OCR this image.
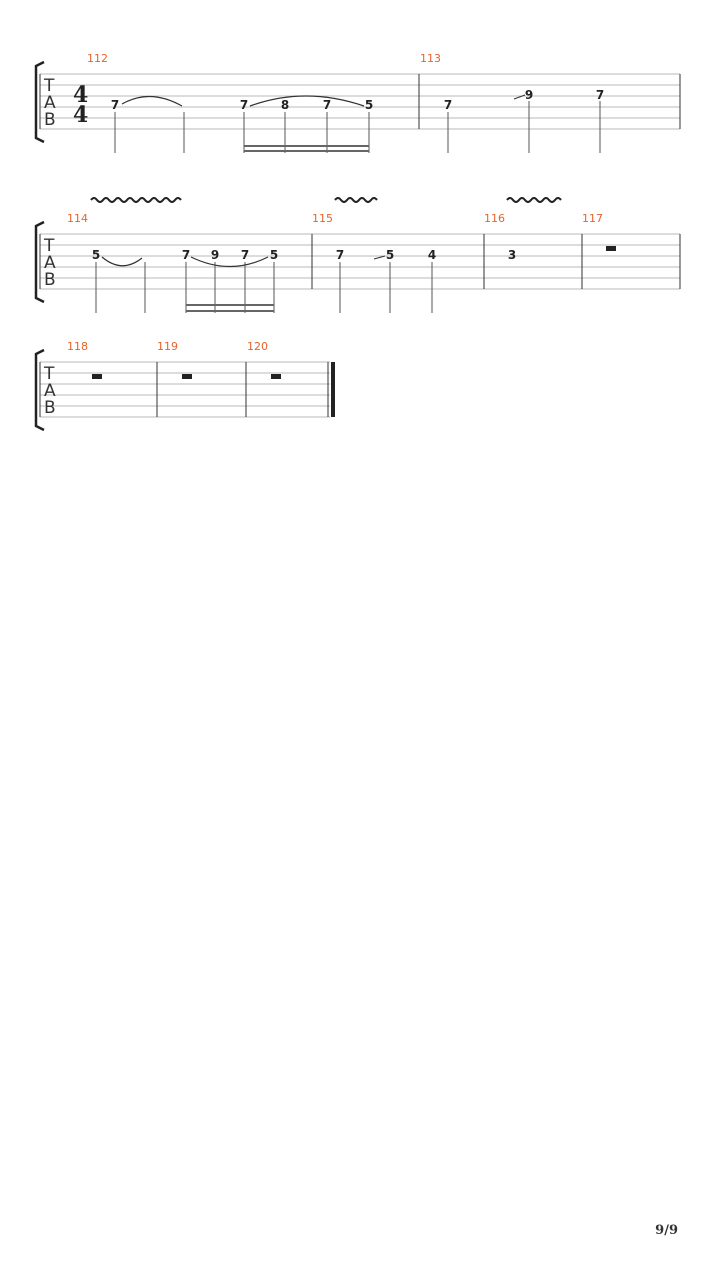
T
A
B
4
4
112	113
7	7	8	7	5	7
9	7
T
A
B
114	115	116	117
5	7 9 7 5	7	5	4	3
T
A
B
118	119	120
9/9
